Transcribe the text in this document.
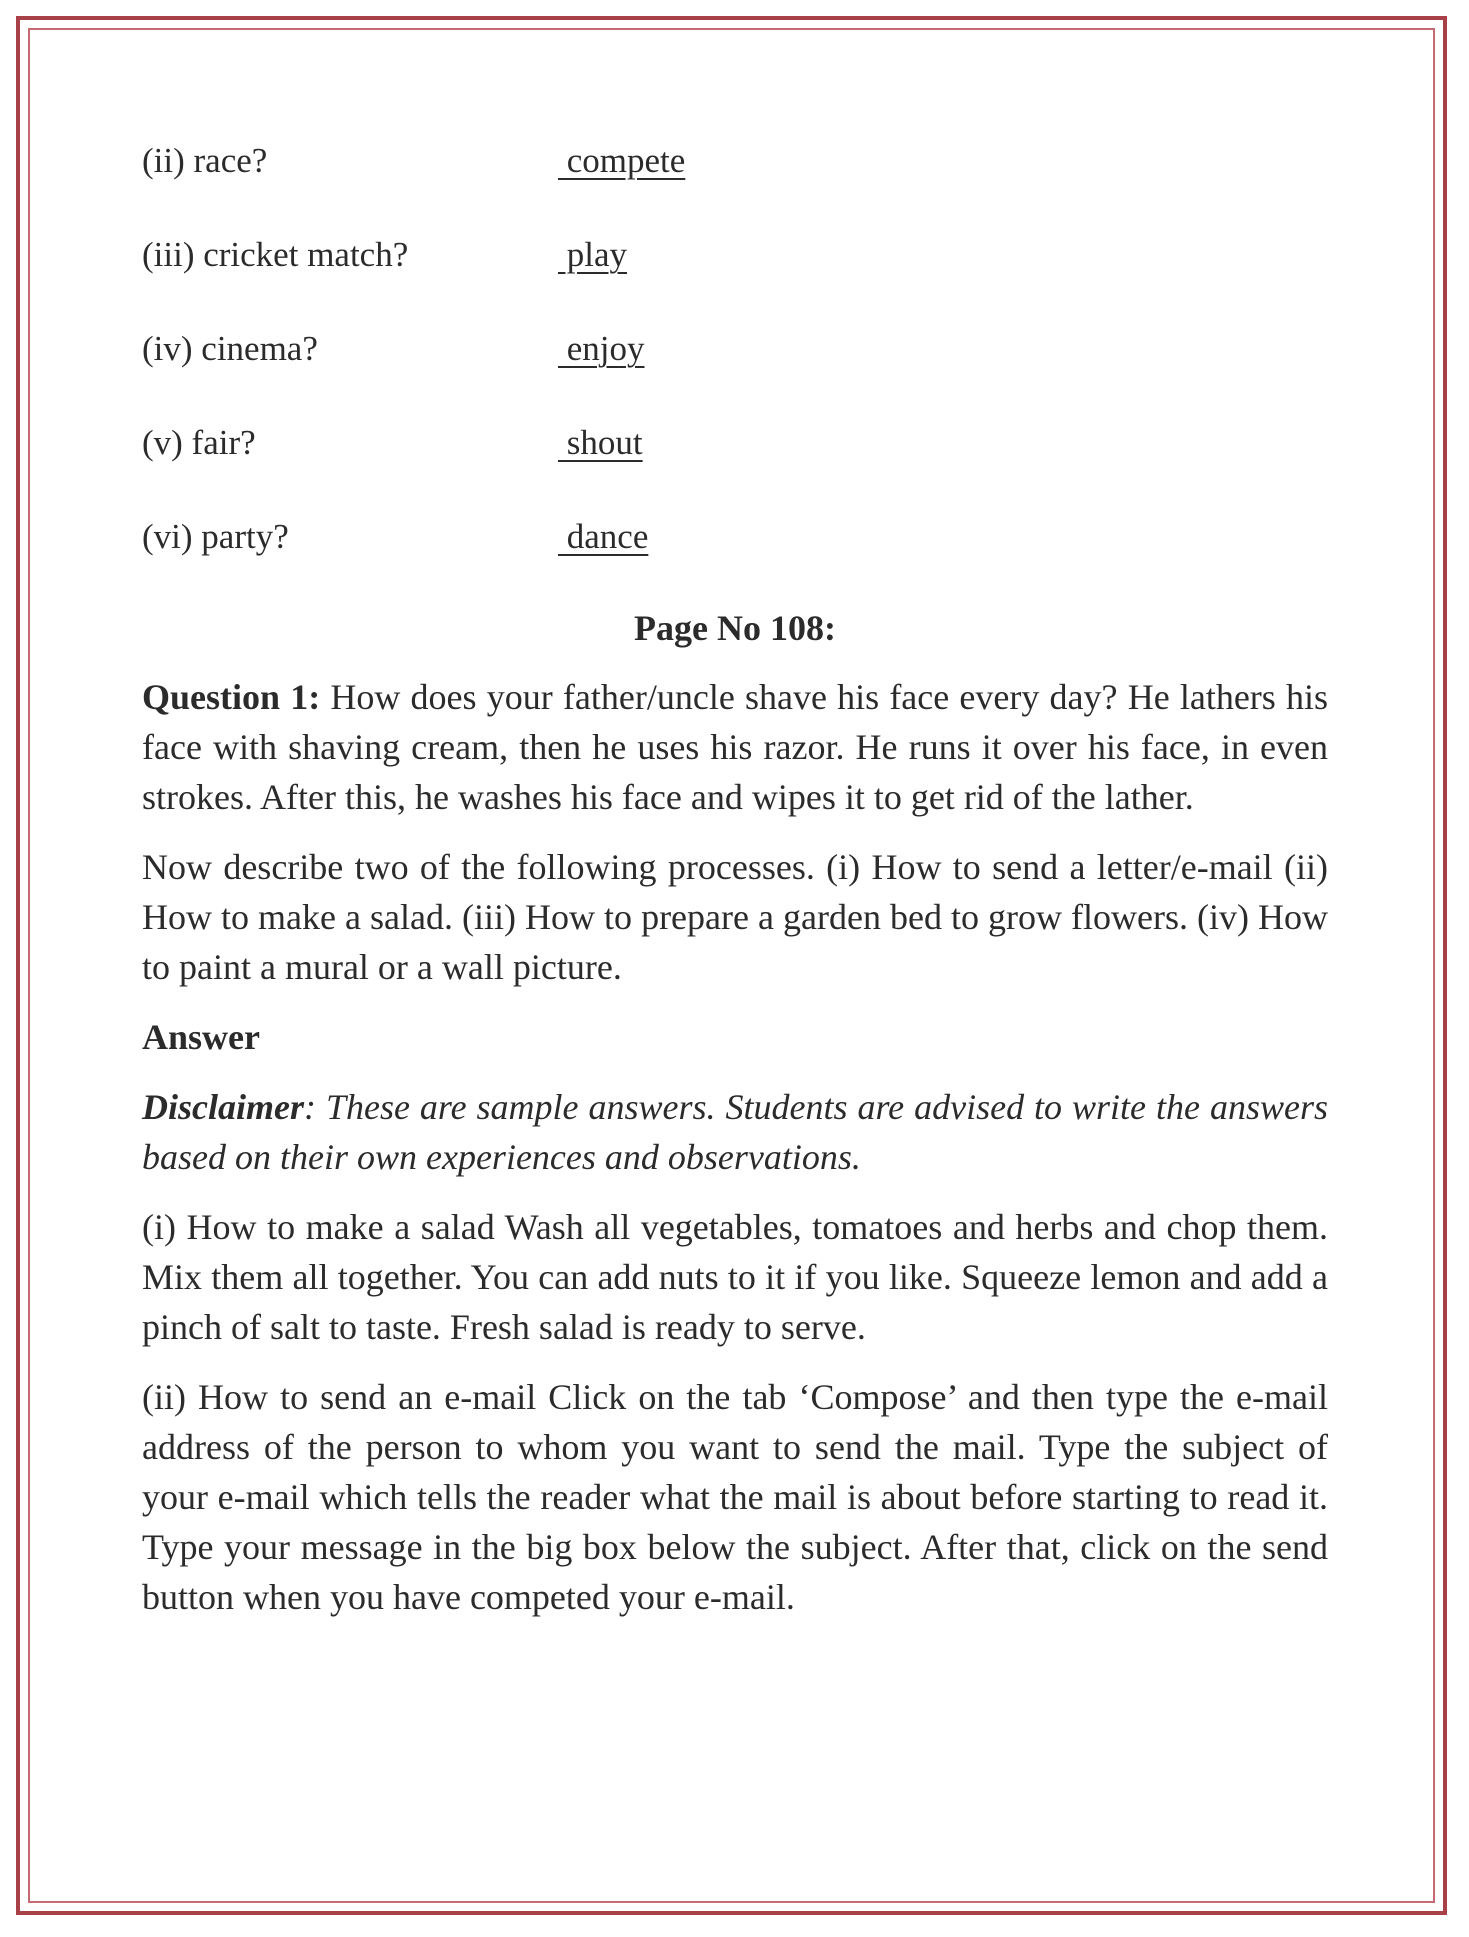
(ii) race?	compete
(iii) cricket match?	play
(iv) cinema?	enjoy
(v) fair?	shout
(vi) party?	dance
Page No 108:

Question 1: How does your father/uncle shave his face every day? He lathers his face with shaving cream, then he uses his razor. He runs it over his face, in even strokes. After this, he washes his face and wipes it to get rid of the lather.

Now describe two of the following processes. (i) How to send a letter/e-mail (ii) How to make a salad. (iii) How to prepare a garden bed to grow flowers. (iv) How to paint a mural or a wall picture.

Answer

Disclaimer: These are sample answers. Students are advised to write the answers based on their own experiences and observations.

(i) How to make a salad Wash all vegetables, tomatoes and herbs and chop them. Mix them all together. You can add nuts to it if you like. Squeeze lemon and add a pinch of salt to taste. Fresh salad is ready to serve.

(ii) How to send an e-mail Click on the tab ‘Compose’ and then type the e-mail address of the person to whom you want to send the mail. Type the subject of your e-mail which tells the reader what the mail is about before starting to read it. Type your message in the big box below the subject. After that, click on the send button when you have competed your e-mail.
